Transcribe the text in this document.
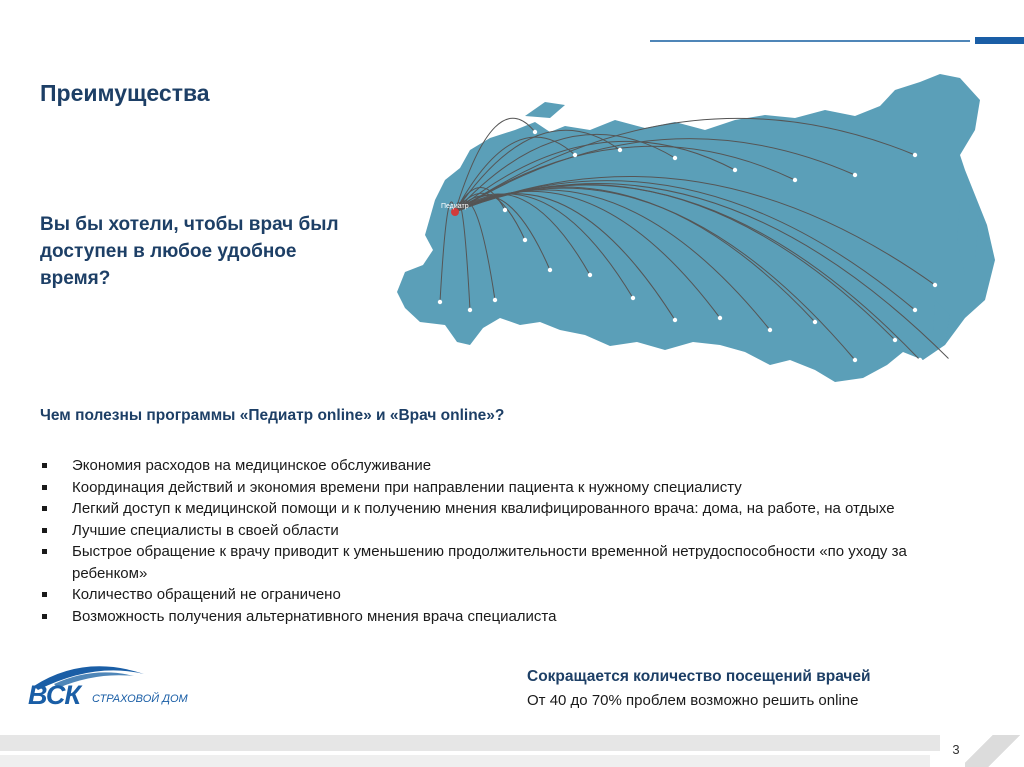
Преимущества
Вы бы хотели, чтобы врач был доступен в любое удобное время?
Педиатр
Чем полезны программы «Педиатр online» и «Врач online»?
Экономия расходов на медицинское обслуживание
Координация действий и экономия времени при направлении пациента к нужному специалисту
Легкий доступ к медицинской помощи и к получению мнения квалифицированного врача: дома, на работе, на отдыхе
Лучшие специалисты в своей области
Быстрое обращение к врачу приводит к уменьшению продолжительности временной нетрудоспособности «по уходу за ребенком»
Количество обращений не ограничено
Возможность получения альтернативного мнения врача специалиста
ВСК СТРАХОВОЙ ДОМ
Сокращается количество посещений врачей
От 40 до 70% проблем возможно решить online
3
